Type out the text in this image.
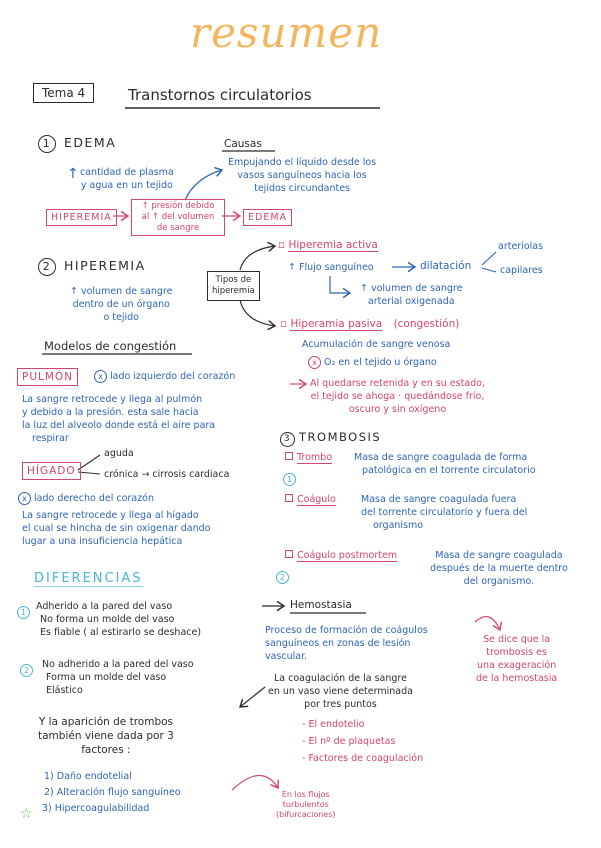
resumen
Tema 4	Transtornos circulatorios
1 EDEMA	Causas
Empujando el líquido desde los
vasos sanguíneos hacia los
tejidos circundantes
↑ cantidad de plasma
y agua en un tejido
HIPEREMIA
↑ presión debido
al ↑ del volumen
de sangre
EDEMA
2 HIPEREMIA
↑ volumen de sangre
dentro de un órgano
o tejido
Tipos de
hiperemia
▫ Hiperemia activa
↑ Flujo sanguíneo	dilatación
arteriolas
capilares
↑ volumen de sangre
arterial oxigenada
▫ Hiperamia pasiva (congestión)
Acumulación de sangre venosa
x O₂ en el tejido u órgano
Al quedarse retenida y en su estado,
el tejido se ahoga · quedándose frío,
oscuro y sin oxígeno
Modelos de congestión
PULMÓN	x lado izquierdo del corazón
La sangre retrocede y llega al pulmón
y debido a la presión. esta sale hacia
la luz del alveolo donde está el aire para
respirar
HÍGADO
aguda
crónica → cirrosis cardiaca
x lado derecho del corazón
La sangre retrocede y llega al hígado
el cual se hincha de sin oxigenar dando
lugar a una insuficiencia hepática
3 TROMBOSIS
Trombo
1
Masa de sangre coagulada de forma
patológica en el torrente circulatorio
Coágulo	Masa de sangre coagulada fuera
del torrente circulatorio y fuera del
organismo
Coágulo postmortem
2
Masa de sangre coagulada
después de la muerte dentro
del organismo.
DIFERENCIAS
1
Adherido a la pared del vaso
No forma un molde del vaso
Es fiable ( al estirarlo se deshace)
2
No adherido a la pared del vaso
Forma un molde del vaso
Elástico
Hemostasia
Proceso de formación de coágulos
sanguíneos en zonas de lesión
vascular.
Se dice que la
trombosis es
una exageración
de la hemostasia
La coagulación de la sangre
en un vaso viene determinada
por tres puntos
- El endotelio
- El nº de plaquetas
- Factores de coagulación
Y la aparición de trombos
también viene dada por 3
factores :
1) Daño endotelial
2) Alteración flujo sanguíneo
3) Hipercoagulabilidad
☆
En los flujos
turbulentos
(bifurcaciones)
